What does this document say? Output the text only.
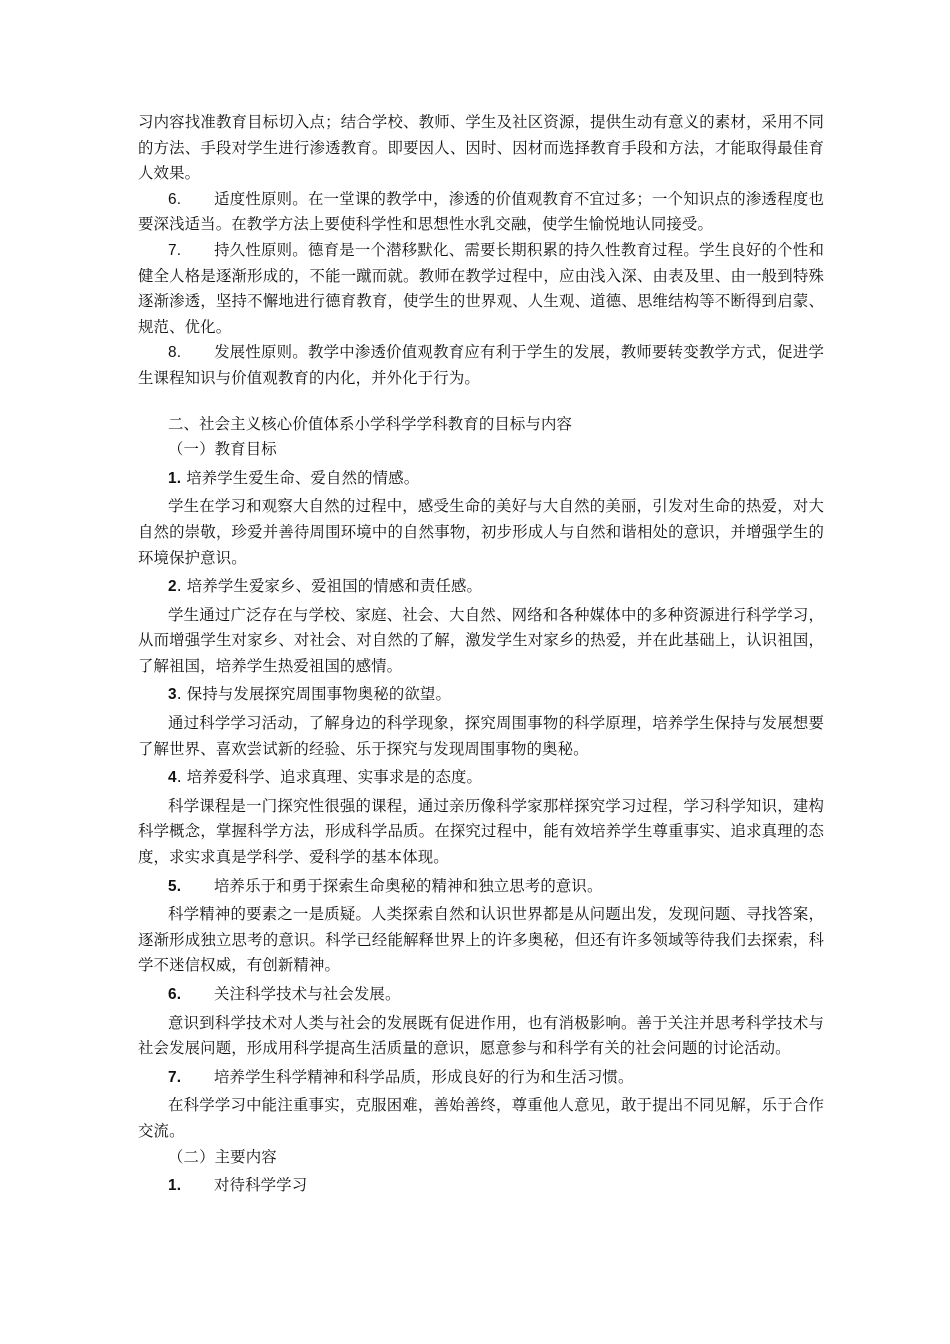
习内容找准教育目标切入点；结合学校、教师、学生及社区资源，提供生动有意义的素材，采用不同的方法、手段对学生进行渗透教育。即要因人、因时、因材而选择教育手段和方法，才能取得最佳育人效果。

6. 适度性原则。在一堂课的教学中，渗透的价值观教育不宜过多；一个知识点的渗透程度也要深浅适当。在教学方法上要使科学性和思想性水乳交融，使学生愉悦地认同接受。

7. 持久性原则。德育是一个潜移默化、需要长期积累的持久性教育过程。学生良好的个性和健全人格是逐渐形成的，不能一蹴而就。教师在教学过程中，应由浅入深、由表及里、由一般到特殊逐渐渗透，坚持不懈地进行德育教育，使学生的世界观、人生观、道德、思维结构等不断得到启蒙、规范、优化。

8. 发展性原则。教学中渗透价值观教育应有利于学生的发展，教师要转变教学方式，促进学生课程知识与价值观教育的内化，并外化于行为。

二、社会主义核心价值体系小学科学学科教育的目标与内容

（一）教育目标

1. 培养学生爱生命、爱自然的情感。

学生在学习和观察大自然的过程中，感受生命的美好与大自然的美丽，引发对生命的热爱，对大自然的崇敬，珍爱并善待周围环境中的自然事物，初步形成人与自然和谐相处的意识，并增强学生的环境保护意识。

2. 培养学生爱家乡、爱祖国的情感和责任感。

学生通过广泛存在与学校、家庭、社会、大自然、网络和各种媒体中的多种资源进行科学学习，从而增强学生对家乡、对社会、对自然的了解，激发学生对家乡的热爱，并在此基础上，认识祖国，了解祖国，培养学生热爱祖国的感情。

3. 保持与发展探究周围事物奥秘的欲望。

通过科学学习活动，了解身边的科学现象，探究周围事物的科学原理，培养学生保持与发展想要了解世界、喜欢尝试新的经验、乐于探究与发现周围事物的奥秘。

4. 培养爱科学、追求真理、实事求是的态度。

科学课程是一门探究性很强的课程，通过亲历像科学家那样探究学习过程，学习科学知识，建构科学概念，掌握科学方法，形成科学品质。在探究过程中，能有效培养学生尊重事实、追求真理的态度，求实求真是学科学、爱科学的基本体现。

5. 培养乐于和勇于探索生命奥秘的精神和独立思考的意识。

科学精神的要素之一是质疑。人类探索自然和认识世界都是从问题出发，发现问题、寻找答案，逐渐形成独立思考的意识。科学已经能解释世界上的许多奥秘，但还有许多领域等待我们去探索，科学不迷信权威，有创新精神。

6. 关注科学技术与社会发展。

意识到科学技术对人类与社会的发展既有促进作用，也有消极影响。善于关注并思考科学技术与社会发展问题，形成用科学提高生活质量的意识，愿意参与和科学有关的社会问题的讨论活动。

7. 培养学生科学精神和科学品质，形成良好的行为和生活习惯。

在科学学习中能注重事实，克服困难，善始善终，尊重他人意见，敢于提出不同见解，乐于合作交流。

（二）主要内容

1. 对待科学学习
